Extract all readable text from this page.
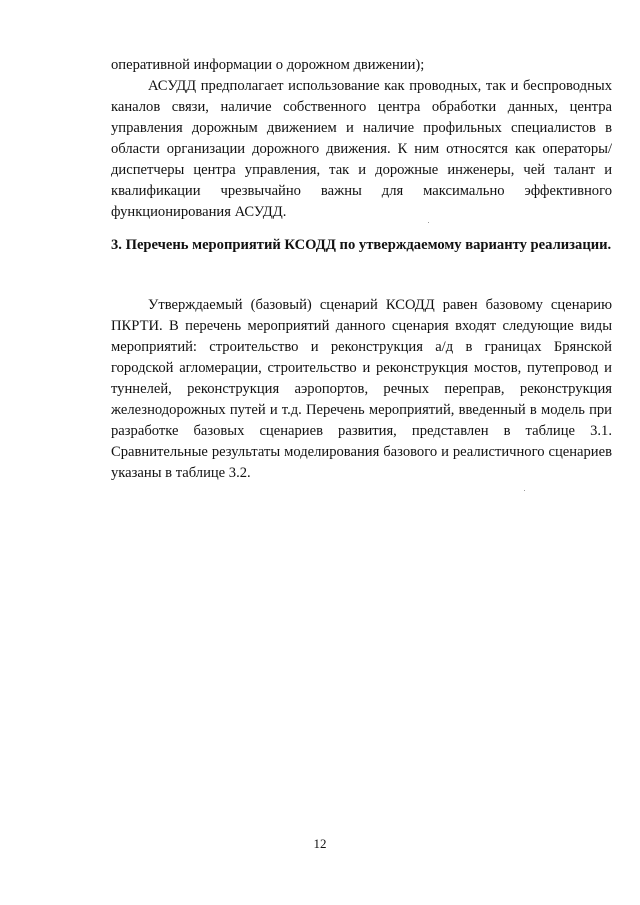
оперативной информации о дорожном движении);

АСУДД предполагает использование как проводных, так и беспроводных каналов связи, наличие собственного центра обработки данных, центра управления дорожным движением и наличие профильных специалистов в области организации дорожного движения. К ним относятся как операторы/диспетчеры центра управления, так и дорожные инженеры, чей талант и квалификации чрезвычайно важны для максимально эффективного функционирования АСУДД.

3. Перечень мероприятий КСОДД по утверждаемому варианту реализации.

Утверждаемый (базовый) сценарий КСОДД равен базовому сценарию ПКРТИ. В перечень мероприятий данного сценария входят следующие виды мероприятий: строительство и реконструкция а/д в границах Брянской городской агломерации, строительство и реконструкция мостов, путепровод и туннелей, реконструкция аэропортов, речных переправ, реконструкция железнодорожных путей и т.д. Перечень мероприятий, введенный в модель при разработке базовых сценариев развития, представлен в таблице 3.1. Сравнительные результаты моделирования базового и реалистичного сценариев указаны в таблице 3.2.

12
